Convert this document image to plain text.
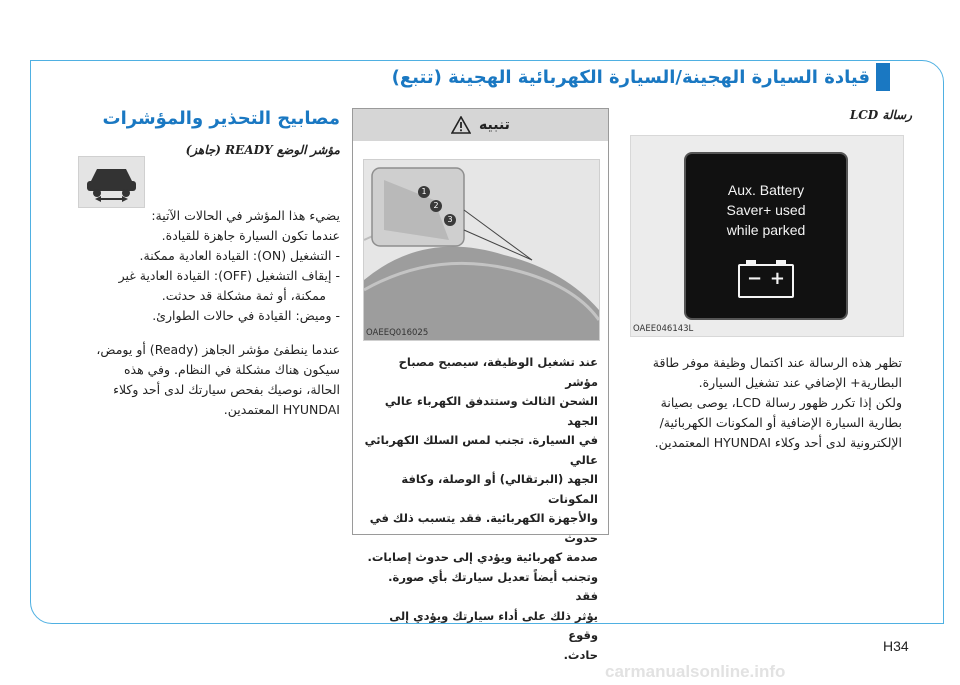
قيادة السيارة الهجينة/السيارة الكهربائية الهجينة (تتبع)
رسالة LCD
Aux. Battery
Saver+ used
while parked
− +
OAEE046143L
تظهر هذه الرسالة عند اكتمال وظيفة موفر طاقة
البطارية+ الإضافي عند تشغيل السيارة.
ولكن إذا تكرر ظهور رسالة LCD، يوصى بصيانة
بطارية السيارة الإضافية أو المكونات الكهربائية/
الإلكترونية لدى أحد وكلاء HYUNDAI المعتمدين.
تنبيه
1
2
3
OAEEQ016025
عند تشغيل الوظيفة، سيصبح مصباح مؤشر
الشحن الثالث وستتدفق الكهرباء عالي الجهد
في السيارة. تجنب لمس السلك الكهربائي عالي
الجهد (البرتقالي) أو الوصلة، وكافة المكونات
والأجهزة الكهربائية. فقد يتسبب ذلك في حدوث
صدمة كهربائية ويؤدي إلى حدوث إصابات.
وتجنب أيضاً تعديل سيارتك بأي صورة. فقد
يؤثر ذلك على أداء سيارتك ويؤدي إلى وقوع
حادث.
مصابيح التحذير والمؤشرات
مؤشر الوضع READY (جاهز)
يضيء هذا المؤشر في الحالات الآتية:
عندما تكون السيارة جاهزة للقيادة.
- التشغيل (ON): القيادة العادية ممكنة.
- إيقاف التشغيل (OFF): القيادة العادية غير
ممكنة، أو ثمة مشكلة قد حدثت.
- وميض: القيادة في حالات الطوارئ.
عندما ينطفئ مؤشر الجاهز (Ready) أو يومض،
سيكون هناك مشكلة في النظام. وفي هذه
الحالة، نوصيك بفحص سيارتك لدى أحد وكلاء
HYUNDAI المعتمدين.
H34
carmanualsonline.info
